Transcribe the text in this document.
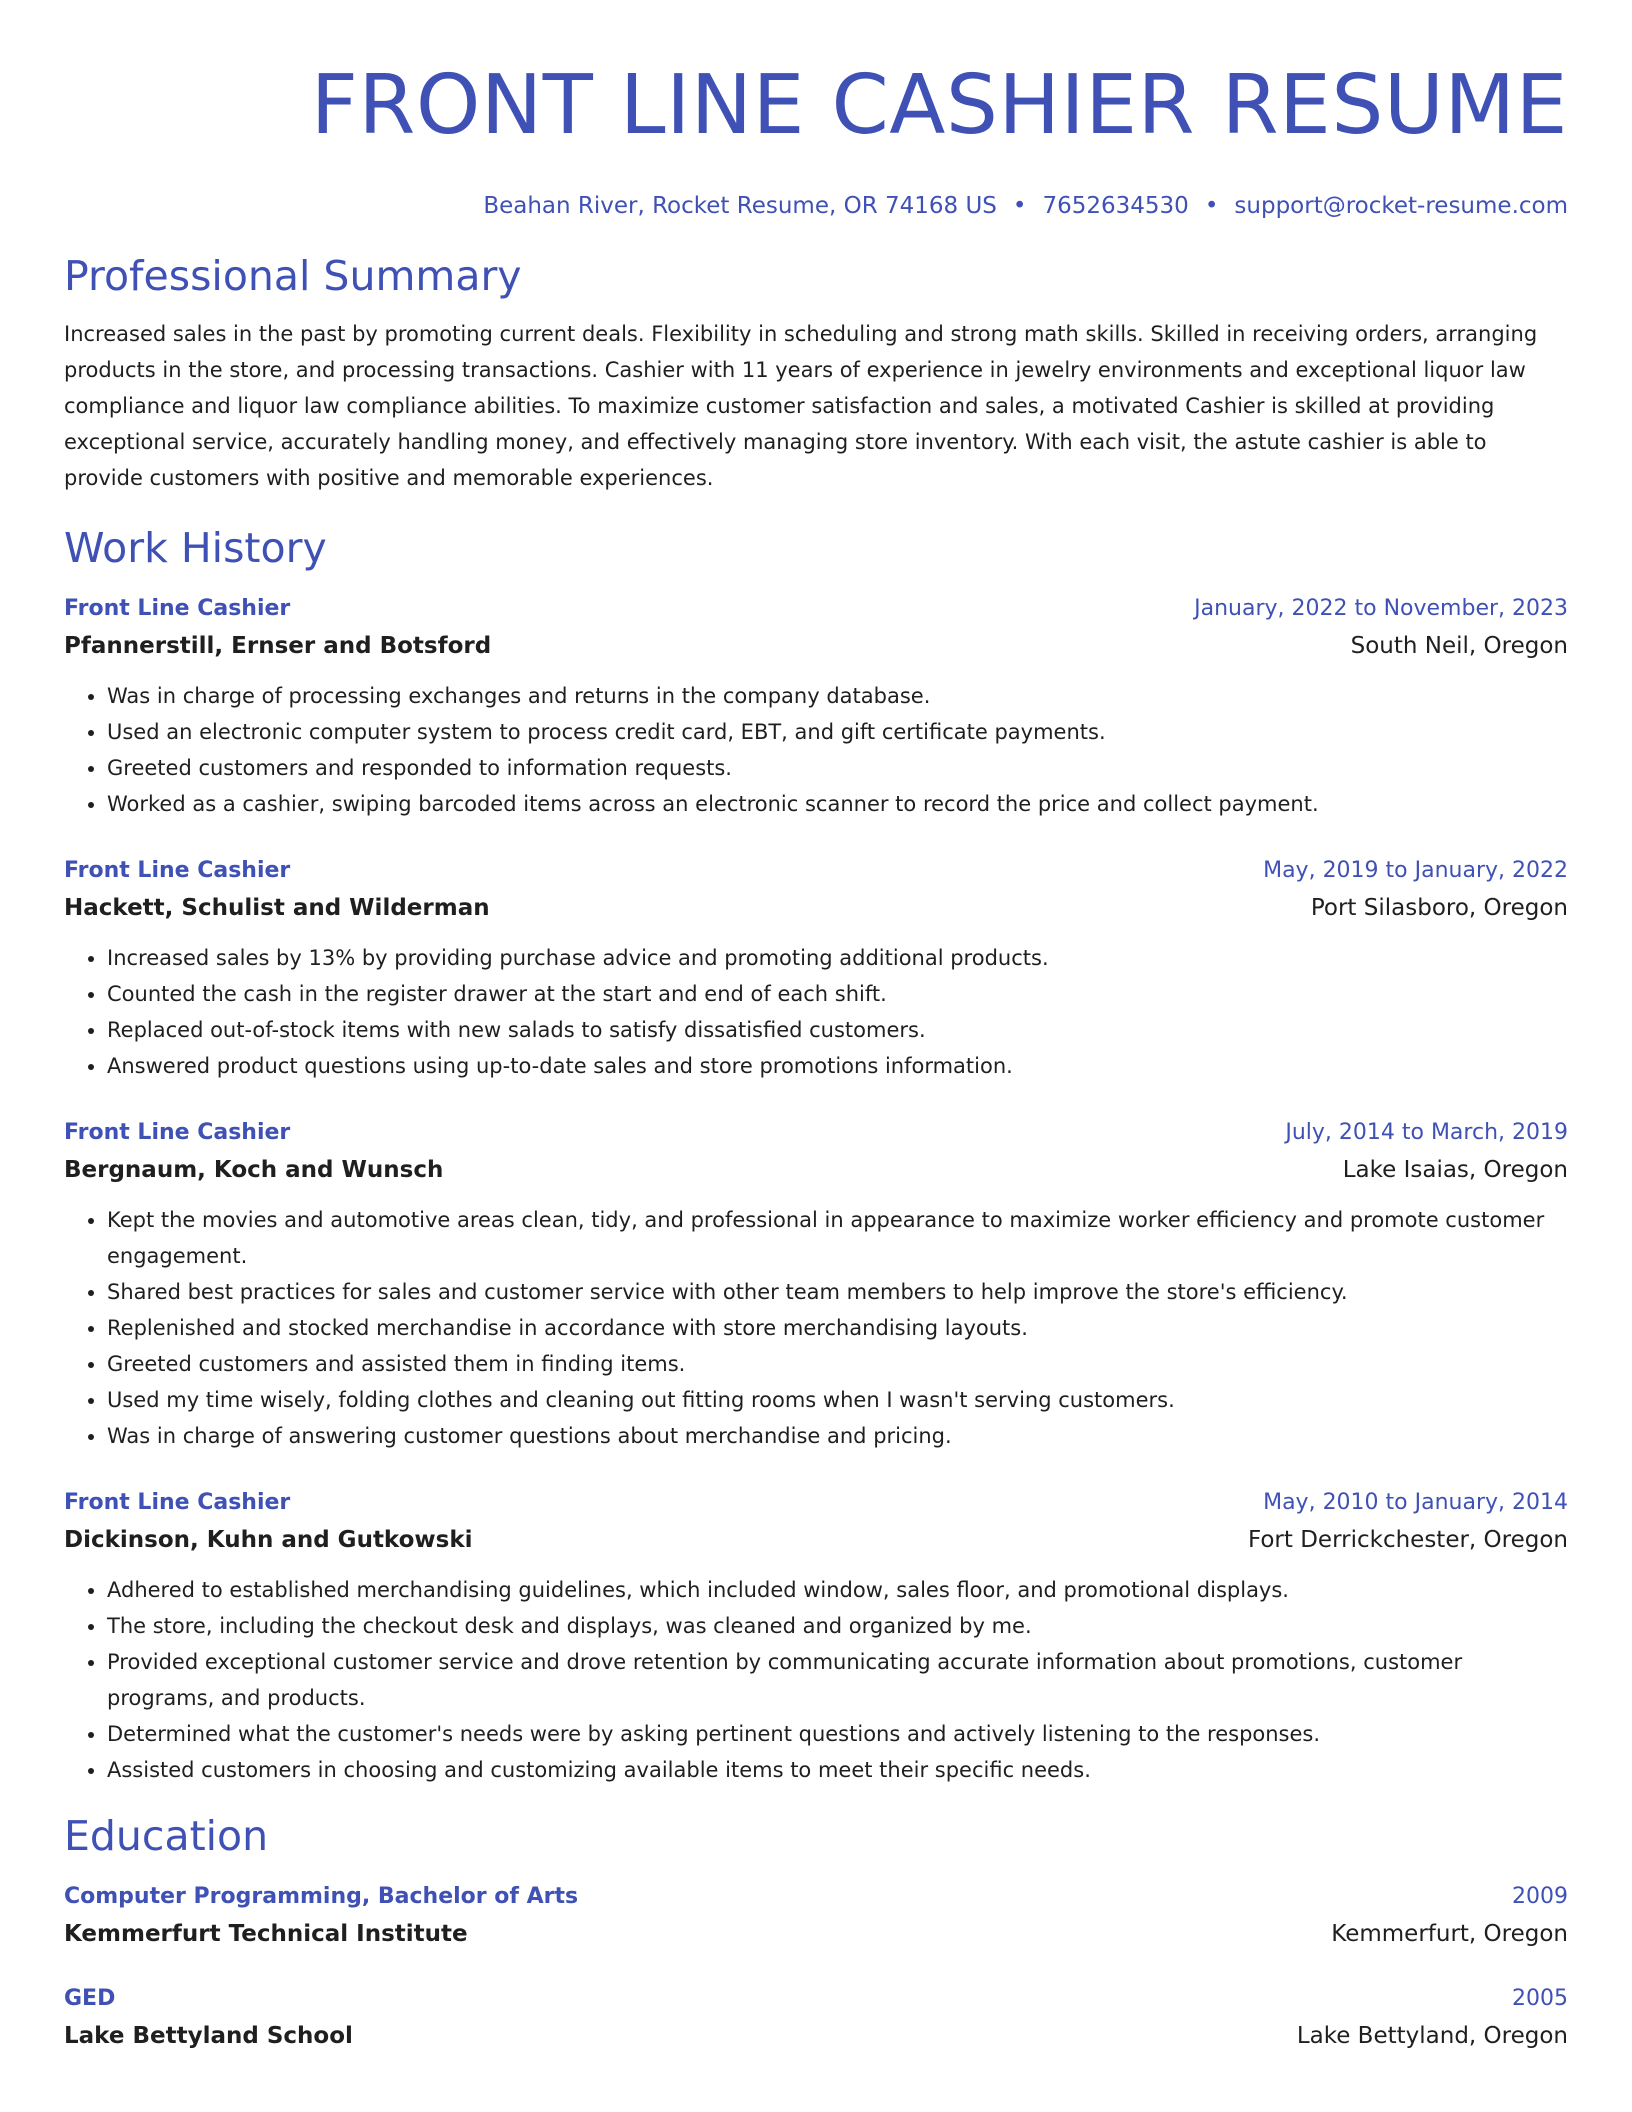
FRONT LINE CASHIER RESUME
Beahan River, Rocket Resume, OR 74168 US • 7652634530 • support@rocket-resume.com
Professional Summary
Increased sales in the past by promoting current deals. Flexibility in scheduling and strong math skills. Skilled in receiving orders, arranging products in the store, and processing transactions. Cashier with 11 years of experience in jewelry environments and exceptional liquor law compliance and liquor law compliance abilities. To maximize customer satisfaction and sales, a motivated Cashier is skilled at providing exceptional service, accurately handling money, and effectively managing store inventory. With each visit, the astute cashier is able to provide customers with positive and memorable experiences.
Work History
Front Line Cashier	January, 2022 to November, 2023
Pfannerstill, Ernser and Botsford	South Neil, Oregon
• Was in charge of processing exchanges and returns in the company database.
• Used an electronic computer system to process credit card, EBT, and gift certificate payments.
• Greeted customers and responded to information requests.
• Worked as a cashier, swiping barcoded items across an electronic scanner to record the price and collect payment.
Front Line Cashier	May, 2019 to January, 2022
Hackett, Schulist and Wilderman	Port Silasboro, Oregon
• Increased sales by 13% by providing purchase advice and promoting additional products.
• Counted the cash in the register drawer at the start and end of each shift.
• Replaced out-of-stock items with new salads to satisfy dissatisfied customers.
• Answered product questions using up-to-date sales and store promotions information.
Front Line Cashier	July, 2014 to March, 2019
Bergnaum, Koch and Wunsch	Lake Isaias, Oregon
• Kept the movies and automotive areas clean, tidy, and professional in appearance to maximize worker efficiency and promote customer engagement.
• Shared best practices for sales and customer service with other team members to help improve the store's efficiency.
• Replenished and stocked merchandise in accordance with store merchandising layouts.
• Greeted customers and assisted them in finding items.
• Used my time wisely, folding clothes and cleaning out fitting rooms when I wasn't serving customers.
• Was in charge of answering customer questions about merchandise and pricing.
Front Line Cashier	May, 2010 to January, 2014
Dickinson, Kuhn and Gutkowski	Fort Derrickchester, Oregon
• Adhered to established merchandising guidelines, which included window, sales floor, and promotional displays.
• The store, including the checkout desk and displays, was cleaned and organized by me.
• Provided exceptional customer service and drove retention by communicating accurate information about promotions, customer programs, and products.
• Determined what the customer's needs were by asking pertinent questions and actively listening to the responses.
• Assisted customers in choosing and customizing available items to meet their specific needs.
Education
Computer Programming, Bachelor of Arts	2009
Kemmerfurt Technical Institute	Kemmerfurt, Oregon
GED	2005
Lake Bettyland School	Lake Bettyland, Oregon
